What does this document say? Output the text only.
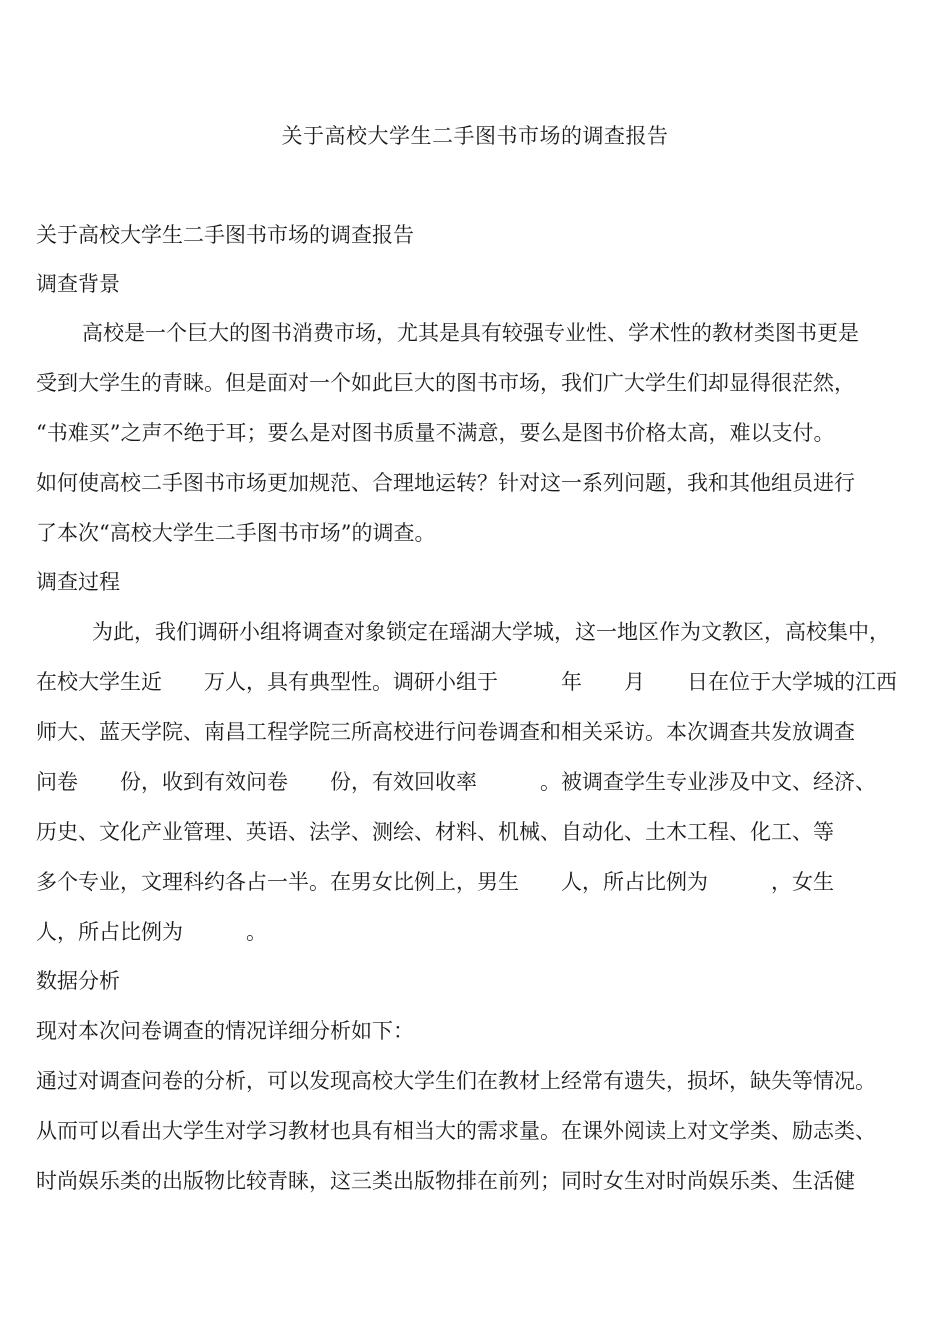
关于高校大学生二手图书市场的调查报告
关于高校大学生二手图书市场的调查报告
调查背景
高校是一个巨大的图书消费市场，尤其是具有较强专业性、学术性的教材类图书更是
受到大学生的青睐。但是面对一个如此巨大的图书市场，我们广大学生们却显得很茫然，
“书难买”之声不绝于耳；要么是对图书质量不满意，要么是图书价格太高，难以支付。
如何使高校二手图书市场更加规范、合理地运转？针对这一系列问题，我和其他组员进行
了本次“高校大学生二手图书市场”的调查。
调查过程
为此，我们调研小组将调查对象锁定在瑶湖大学城，这一地区作为文教区，高校集中，
在校大学生近　　万人，具有典型性。调研小组于　　　年　　月　　日在位于大学城的江西
师大、蓝天学院、南昌工程学院三所高校进行问卷调查和相关采访。本次调查共发放调查
问卷　　份，收到有效问卷　　份，有效回收率　　　。被调查学生专业涉及中文、经济、
历史、文化产业管理、英语、法学、测绘、材料、机械、自动化、土木工程、化工、等
多个专业，文理科约各占一半。在男女比例上，男生　　人，所占比例为　　　，女生
人，所占比例为　　　。
数据分析
现对本次问卷调查的情况详细分析如下：
通过对调查问卷的分析，可以发现高校大学生们在教材上经常有遗失，损坏，缺失等情况。
从而可以看出大学生对学习教材也具有相当大的需求量。在课外阅读上对文学类、励志类、
时尚娱乐类的出版物比较青睐，这三类出版物排在前列；同时女生对时尚娱乐类、生活健
